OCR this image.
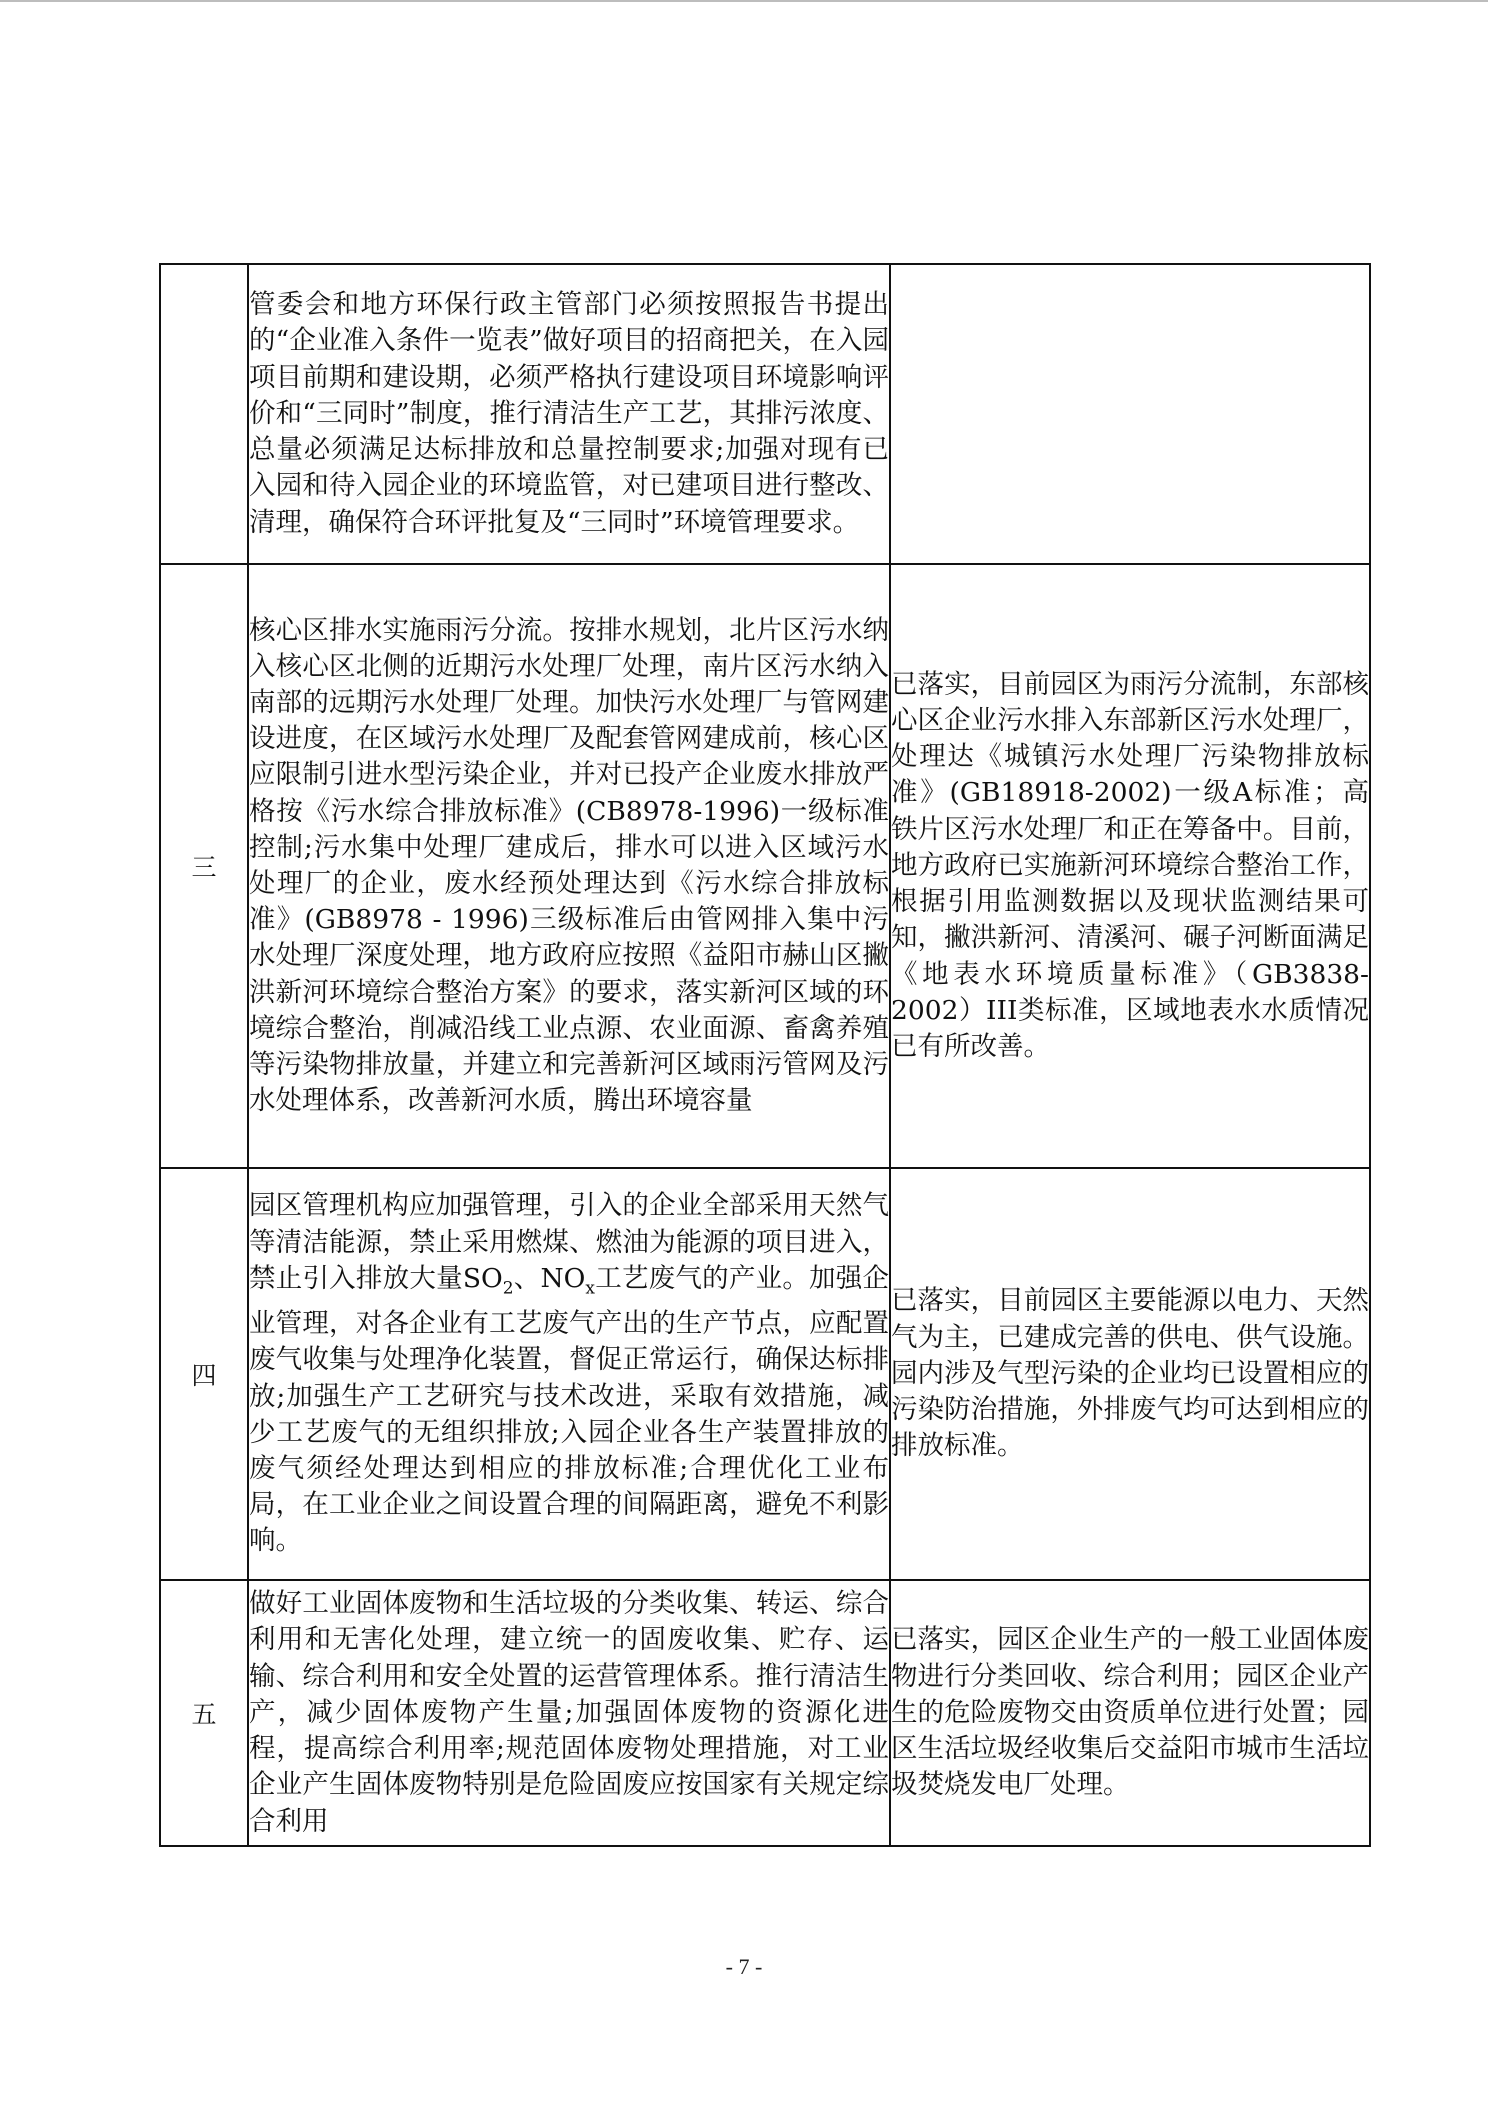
	管委会和地方环保行政主管部门必须按照报告书提出的“企业准入条件一览表”做好项目的招商把关，在入园项目前期和建设期，必须严格执行建设项目环境影响评价和“三同时”制度，推行清洁生产工艺，其排污浓度、总量必须满足达标排放和总量控制要求;加强对现有已入园和待入园企业的环境监管，对已建项目进行整改、清理，确保符合环评批复及“三同时”环境管理要求。	

三	核心区排水实施雨污分流。按排水规划，北片区污水纳入核心区北侧的近期污水处理厂处理，南片区污水纳入南部的远期污水处理厂处理。加快污水处理厂与管网建设进度，在区域污水处理厂及配套管网建成前，核心区应限制引进水型污染企业，并对已投产企业废水排放严格按《污水综合排放标准》(CB8978-1996)一级标准控制;污水集中处理厂建成后，排水可以进入区域污水处理厂的企业，废水经预处理达到《污水综合排放标准》(GB8978 - 1996)三级标准后由管网排入集中污水处理厂深度处理，地方政府应按照《益阳市赫山区撇洪新河环境综合整治方案》的要求，落实新河区域的环境综合整治，削减沿线工业点源、农业面源、畜禽养殖等污染物排放量，并建立和完善新河区域雨污管网及污水处理体系，改善新河水质，腾出环境容量	已落实，目前园区为雨污分流制，东部核心区企业污水排入东部新区污水处理厂，处理达《城镇污水处理厂污染物排放标准》(GB18918-2002)一级A标准；高铁片区污水处理厂和正在筹备中。目前，地方政府已实施新河环境综合整治工作，根据引用监测数据以及现状监测结果可知，撇洪新河、清溪河、碾子河断面满足《地表水环境质量标准》（GB3838-2002）III类标准，区域地表水水质情况已有所改善。

四	园区管理机构应加强管理，引入的企业全部采用天然气等清洁能源，禁止采用燃煤、燃油为能源的项目进入，禁止引入排放大量$SO_2$、$NO_x$工艺废气的产业。加强企业管理，对各企业有工艺废气产出的生产节点，应配置废气收集与处理净化装置，督促正常运行，确保达标排放;加强生产工艺研究与技术改进，采取有效措施，减少工艺废气的无组织排放;入园企业各生产装置排放的废气须经处理达到相应的排放标准;合理优化工业布局，在工业企业之间设置合理的间隔距离，避免不利影响。	已落实，目前园区主要能源以电力、天然气为主，已建成完善的供电、供气设施。园内涉及气型污染的企业均已设置相应的污染防治措施，外排废气均可达到相应的排放标准。

五	做好工业固体废物和生活垃圾的分类收集、转运、综合利用和无害化处理，建立统一的固废收集、贮存、运输、综合利用和安全处置的运营管理体系。推行清洁生产，减少固体废物产生量;加强固体废物的资源化进程，提高综合利用率;规范固体废物处理措施，对工业企业产生固体废物特别是危险固废应按国家有关规定综合利用	已落实，园区企业生产的一般工业固体废物进行分类回收、综合利用；园区企业产生的危险废物交由资质单位进行处置；园区生活垃圾经收集后交益阳市城市生活垃圾焚烧发电厂处理。
- 7 -
